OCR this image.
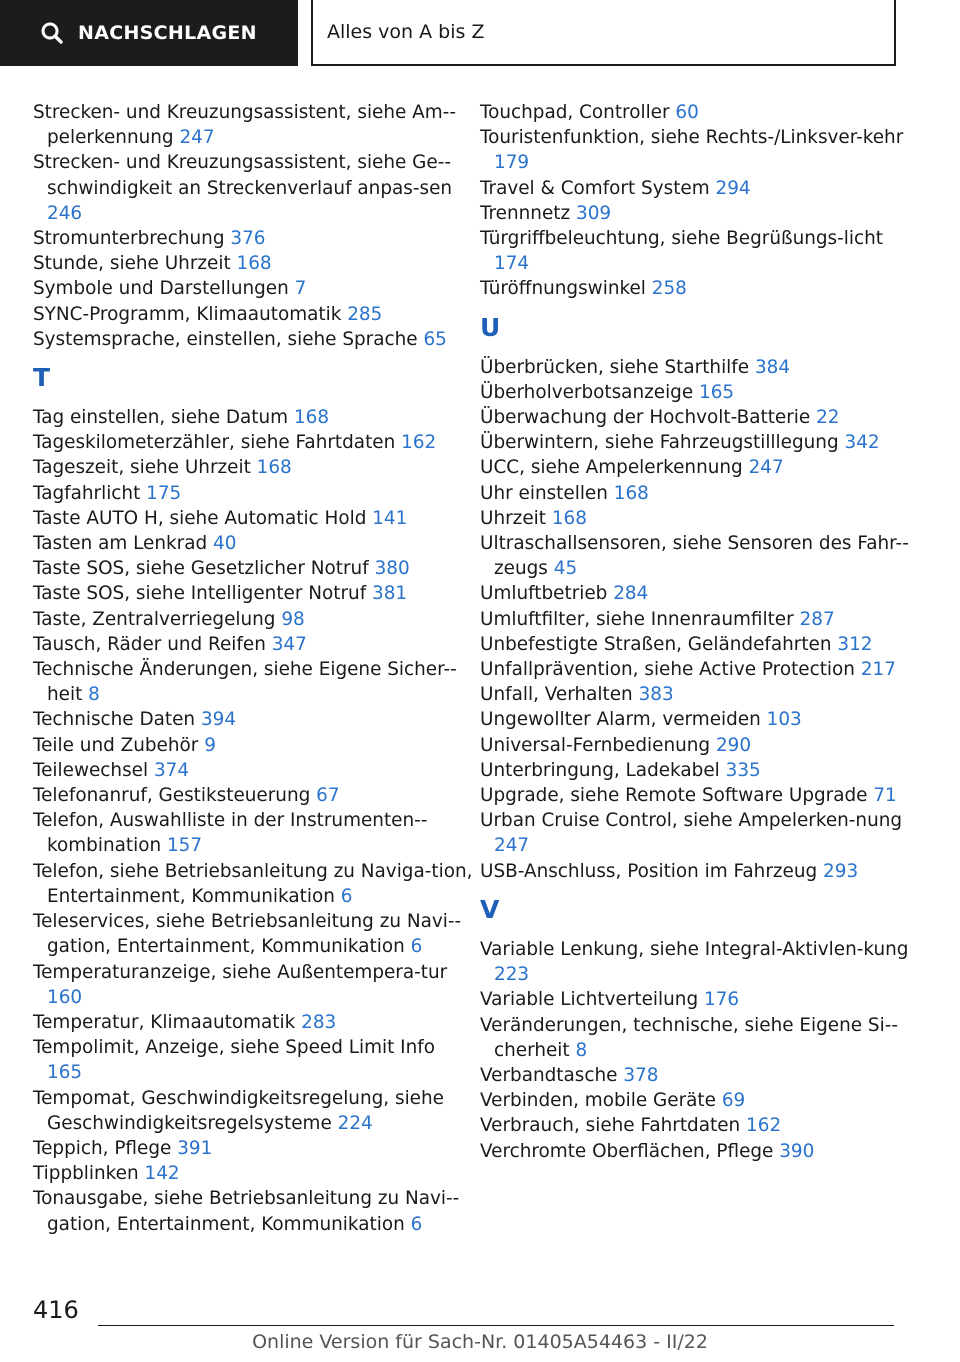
NACHSCHLAGEN	Alles von A bis Z
Strecken- und Kreuzungsassistent, siehe Am-pelerkennung 247
Strecken- und Kreuzungsassistent, siehe Ge-schwindigkeit an Streckenverlauf anpas-sen 246
Stromunterbrechung 376
Stunde, siehe Uhrzeit 168
Symbole und Darstellungen 7
SYNC-Programm, Klimaautomatik 285
Systemsprache, einstellen, siehe Sprache 65
T
Tag einstellen, siehe Datum 168
Tageskilometerzähler, siehe Fahrtdaten 162
Tageszeit, siehe Uhrzeit 168
Tagfahrlicht 175
Taste AUTO H, siehe Automatic Hold 141
Tasten am Lenkrad 40
Taste SOS, siehe Gesetzlicher Notruf 380
Taste SOS, siehe Intelligenter Notruf 381
Taste, Zentralverriegelung 98
Tausch, Räder und Reifen 347
Technische Änderungen, siehe Eigene Sicher-heit 8
Technische Daten 394
Teile und Zubehör 9
Teilewechsel 374
Telefonanruf, Gestiksteuerung 67
Telefon, Auswahlliste in der Instrumenten-kombination 157
Telefon, siehe Betriebsanleitung zu Naviga-tion, Entertainment, Kommunikation 6
Teleservices, siehe Betriebsanleitung zu Navi-gation, Entertainment, Kommunikation 6
Temperaturanzeige, siehe Außentempera-tur 160
Temperatur, Klimaautomatik 283
Tempolimit, Anzeige, siehe Speed Limit Info 165
Tempomat, Geschwindigkeitsregelung, siehe Geschwindigkeitsregelsysteme 224
Teppich, Pflege 391
Tippblinken 142
Tonausgabe, siehe Betriebsanleitung zu Navi-gation, Entertainment, Kommunikation 6
Touchpad, Controller 60
Touristenfunktion, siehe Rechts-/Linksver-kehr 179
Travel & Comfort System 294
Trennnetz 309
Türgriffbeleuchtung, siehe Begrüßungs-licht 174
Türöffnungswinkel 258
U
Überbrücken, siehe Starthilfe 384
Überholverbotsanzeige 165
Überwachung der Hochvolt-Batterie 22
Überwintern, siehe Fahrzeugstilllegung 342
UCC, siehe Ampelerkennung 247
Uhr einstellen 168
Uhrzeit 168
Ultraschallsensoren, siehe Sensoren des Fahr-zeugs 45
Umluftbetrieb 284
Umluftfilter, siehe Innenraumfilter 287
Unbefestigte Straßen, Geländefahrten 312
Unfallprävention, siehe Active Protection 217
Unfall, Verhalten 383
Ungewollter Alarm, vermeiden 103
Universal-Fernbedienung 290
Unterbringung, Ladekabel 335
Upgrade, siehe Remote Software Upgrade 71
Urban Cruise Control, siehe Ampelerken-nung 247
USB-Anschluss, Position im Fahrzeug 293
V
Variable Lenkung, siehe Integral-Aktivlen-kung 223
Variable Lichtverteilung 176
Veränderungen, technische, siehe Eigene Si-cherheit 8
Verbandtasche 378
Verbinden, mobile Geräte 69
Verbrauch, siehe Fahrtdaten 162
Verchromte Oberflächen, Pflege 390
416
Online Version für Sach-Nr. 01405A54463 - II/22
